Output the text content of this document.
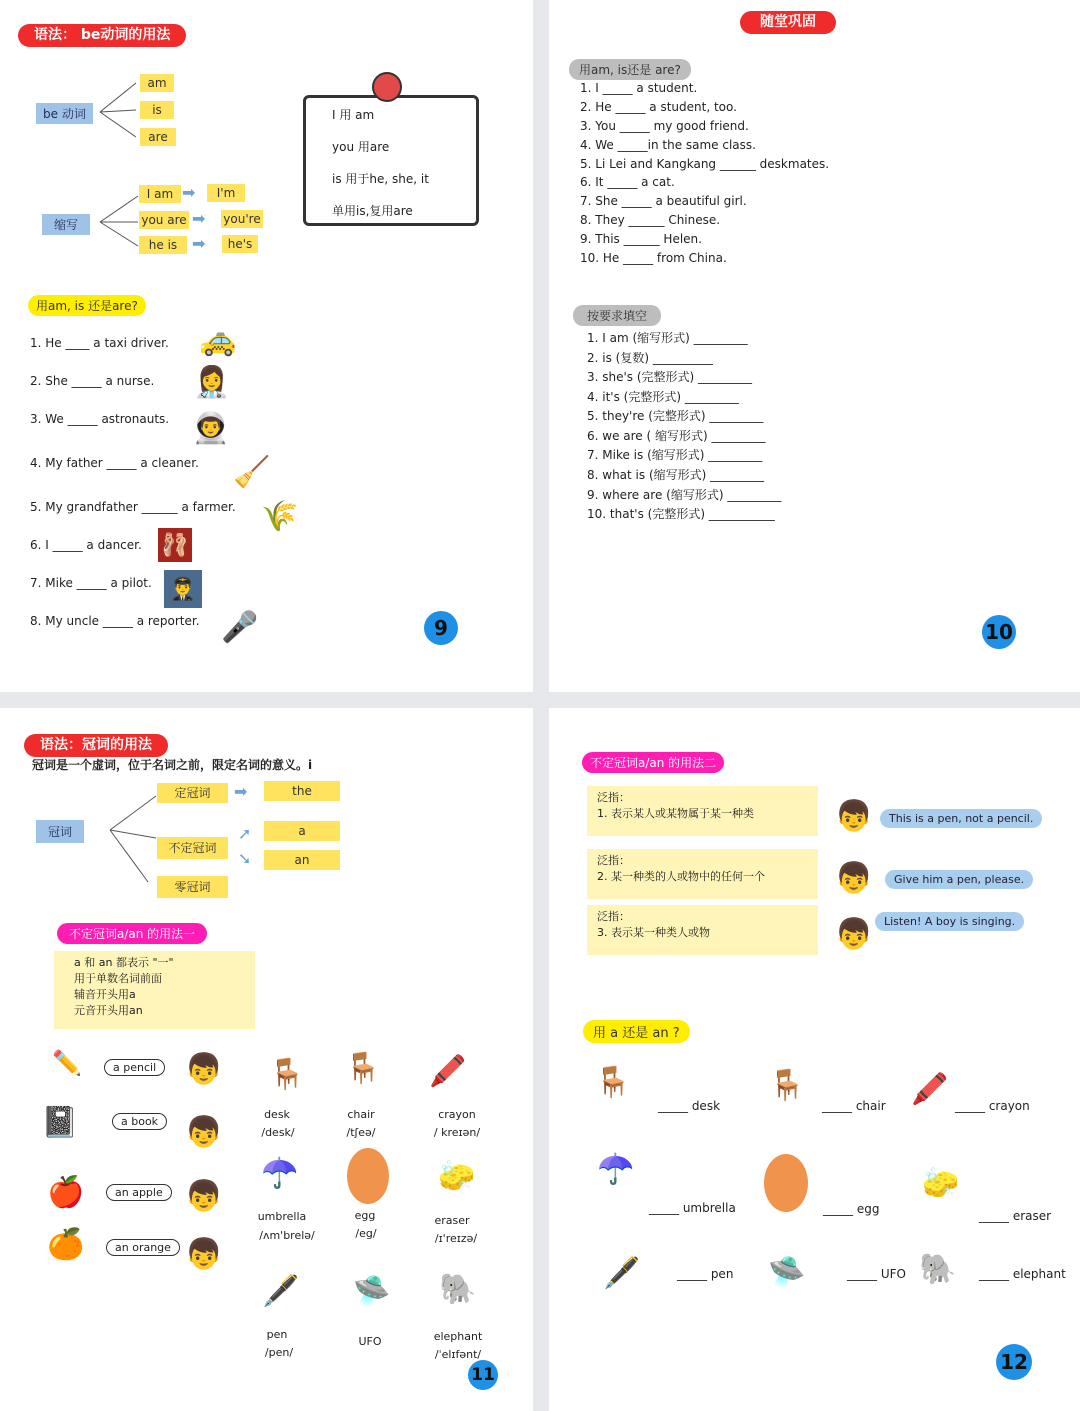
语法： be动词的用法
be 动词
am
is
are
缩写
I am ➡	I'm
you are ➡ you're
he is ➡	he's
I 用 am
you 用are
is 用于he, she, it
单用is,复用are
用am, is 还是are?
1. He ____ a taxi driver.	🚕
2. She _____ a nurse. 👩‍⚕️
3. We _____ astronauts. 👨‍🚀
4. My father _____ a cleaner. 🧹
5. My grandfather ______ a farmer. 🌾
6. I _____ a dancer. 🩰
7. Mike _____ a pilot. 👨‍✈️
8. My uncle _____ a reporter. 🎤	9
随堂巩固
用am, is还是 are?
1. I _____ a student.
2. He _____ a student, too.
3. You _____ my good friend.
4. We _____in the same class.
5. Li Lei and Kangkang ______ deskmates.
6. It _____ a cat.
7. She _____ a beautiful girl.
8. They ______ Chinese.
9. This ______ Helen.
10. He _____ from China.
按要求填空
1. I am (缩写形式) _________
2. is (复数) __________
3. she's (完整形式) _________
4. it's (完整形式) _________
5. they're (完整形式) _________
6. we are ( 缩写形式) _________
7. Mike is (缩写形式) _________
8. what is (缩写形式) _________
9. where are (缩写形式) _________
10. that's (完整形式) ___________
10
语法：冠词的用法
冠词是一个虚词，位于名词之前，限定名词的意义。i
冠词
定冠词	➡	the
不定冠词
➚
➘
a
an
零冠词
不定冠词a/an 的用法一
a 和 an 都表示 "一"
用于单数名词前面
辅音开头用a
元音开头用an
✏️	a pencil 👦
📓	a book 👦
🍎	an apple 👦
🍊	an orange 👦
🪑
desk
/desk/
🪑
chair
/tʃeə/
🖍️
crayon
/ kreɪən/
☂️
umbrella
/ʌm'brelə/
egg
/eg/
🧽
eraser
/ɪ'reɪzə/
🖋️
pen
/pen/
🛸
UFO
🐘
elephant
/ˈelɪfənt/
11
不定冠词a/an 的用法二
泛指：
1. 表示某人或某物属于某一种类	👦	This is a pen, not a pencil.
泛指：
2. 某一种类的人或物中的任何一个	👦	Give him a pen, please.
泛指：
3. 表示某一种类人或物	👦	Listen! A boy is singing.
用 a 还是 an ?
🪑
_____ desk
🪑
_____ chair 🖍️ _____ crayon
☂️
_____ umbrella	_____ egg
🧽
_____ eraser
🖋️	_____ pen	🛸	_____ UFO 🐘	_____ elephant
12
